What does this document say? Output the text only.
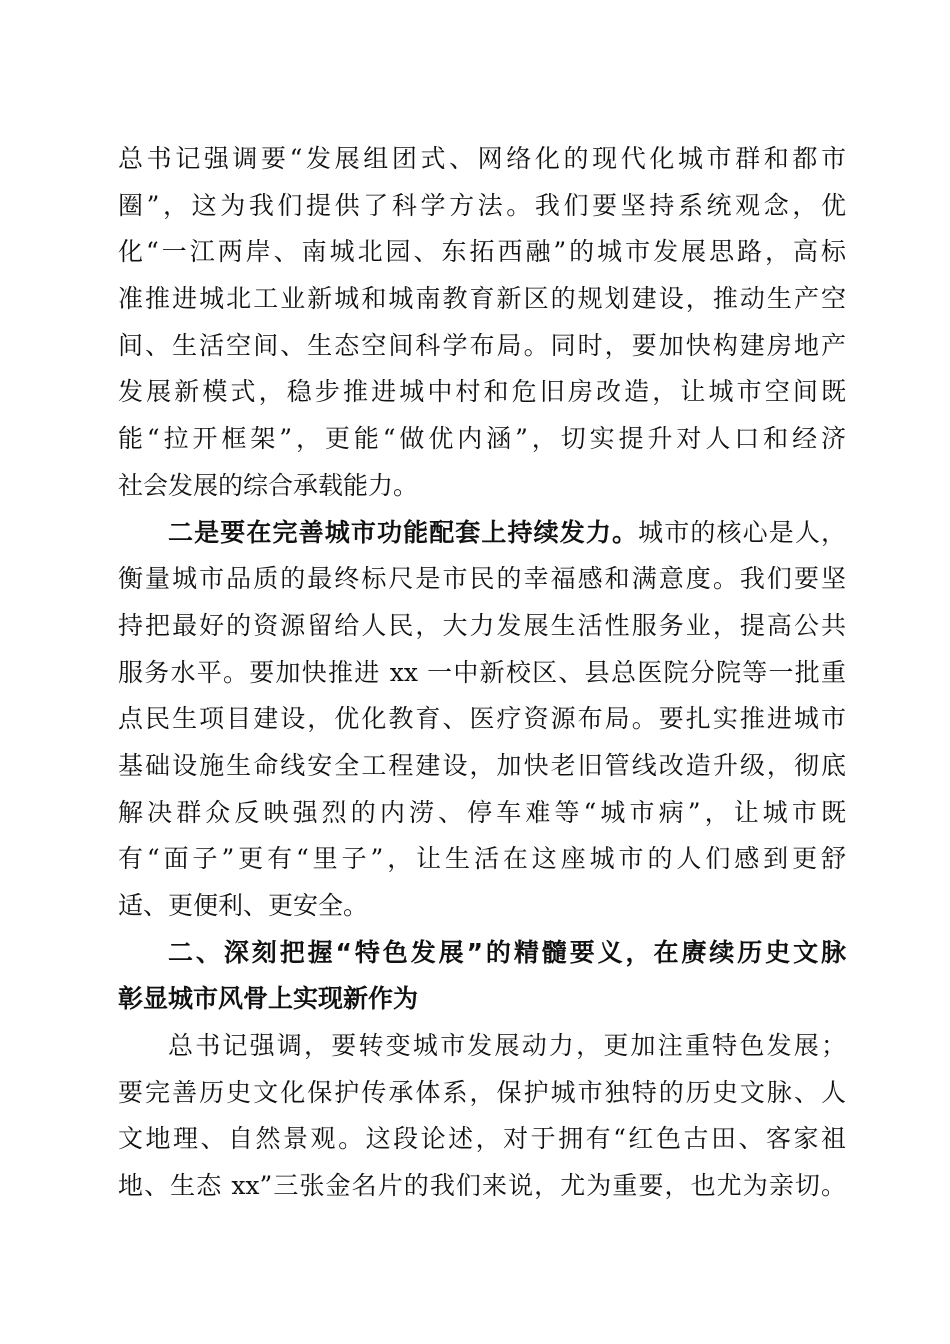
总书记强调要“发展组团式、网络化的现代化城市群和都市
圈”，这为我们提供了科学方法。我们要坚持系统观念，优
化“一江两岸、南城北园、东拓西融”的城市发展思路，高标
准推进城北工业新城和城南教育新区的规划建设，推动生产空
间、生活空间、生态空间科学布局。同时，要加快构建房地产
发展新模式，稳步推进城中村和危旧房改造，让城市空间既
能“拉开框架”，更能“做优内涵”，切实提升对人口和经济
社会发展的综合承载能力。
二是要在完善城市功能配套上持续发力。城市的核心是人，
衡量城市品质的最终标尺是市民的幸福感和满意度。我们要坚
持把最好的资源留给人民，大力发展生活性服务业，提高公共
服务水平。要加快推进 xx 一中新校区、县总医院分院等一批重
点民生项目建设，优化教育、医疗资源布局。要扎实推进城市
基础设施生命线安全工程建设，加快老旧管线改造升级，彻底
解决群众反映强烈的内涝、停车难等“城市病”，让城市既
有“面子”更有“里子”，让生活在这座城市的人们感到更舒
适、更便利、更安全。
二、深刻把握“特色发展”的精髓要义，在赓续历史文脉
彰显城市风骨上实现新作为
总书记强调，要转变城市发展动力，更加注重特色发展；
要完善历史文化保护传承体系，保护城市独特的历史文脉、人
文地理、自然景观。这段论述，对于拥有“红色古田、客家祖
地、生态 xx”三张金名片的我们来说，尤为重要，也尤为亲切。
